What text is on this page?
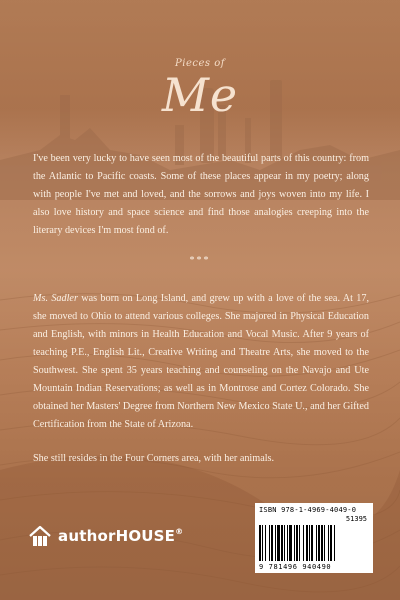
Pieces of
Me

I've been very lucky to have seen most of the beautiful parts of this country: from the Atlantic to Pacific coasts. Some of these places appear in my poetry; along with people I've met and loved, and the sorrows and joys woven into my life. I also love history and space science and find those analogies creeping into the literary devices I'm most fond of.

***

Ms. Sadler was born on Long Island, and grew up with a love of the sea. At 17, she moved to Ohio to attend various colleges. She majored in Physical Education and English, with minors in Health Education and Vocal Music. After 9 years of teaching P.E., English Lit., Creative Writing and Theatre Arts, she moved to the Southwest. She spent 35 years teaching and counseling on the Navajo and Ute Mountain Indian Reservations; as well as in Montrose and Cortez Colorado. She obtained her Masters' Degree from Northern New Mexico State U., and her Gifted Certification from the State of Arizona.

She still resides in the Four Corners area, with her animals.

authorHOUSE®
ISBN 978-1-4969-4049-0
51395
9 781496 940490
